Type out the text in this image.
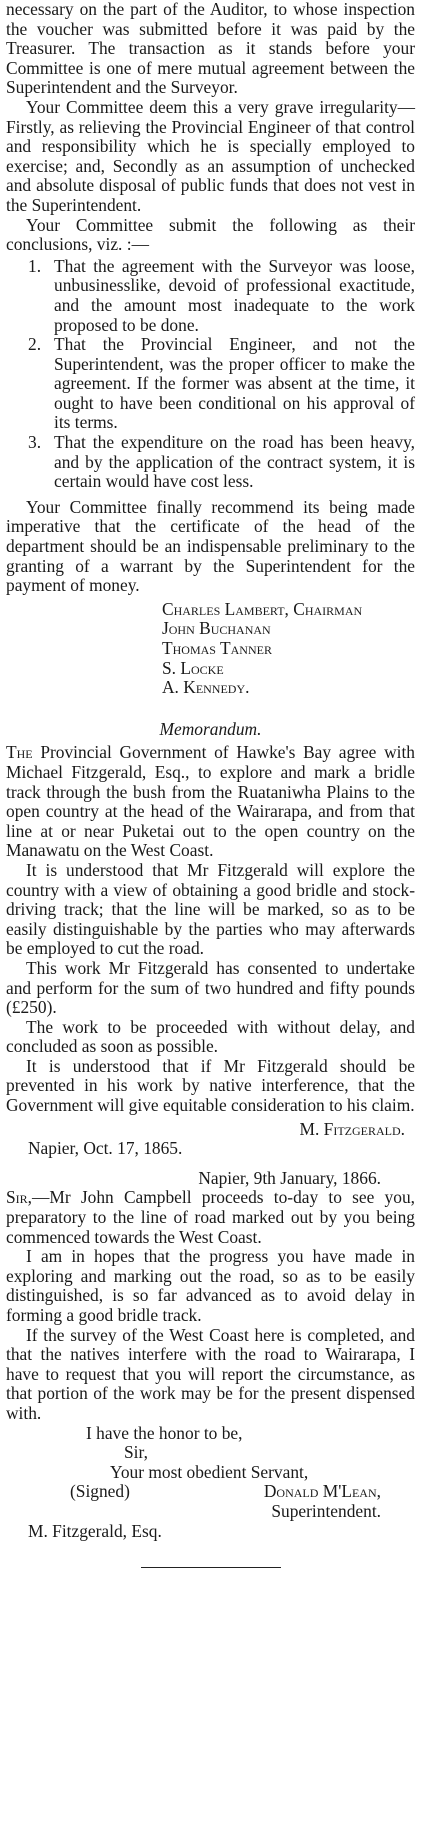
necessary on the part of the Auditor, to whose inspection the voucher was submitted before it was paid by the Treasurer. The transaction as it stands before your Committee is one of mere mutual agreement between the Superintendent and the Surveyor.

Your Committee deem this a very grave irregularity—Firstly, as relieving the Provincial Engineer of that control and responsibility which he is specially employed to exercise; and, Secondly as an assumption of unchecked and absolute disposal of public funds that does not vest in the Superintendent.

Your Committee submit the following as their conclusions, viz. :—

1. That the agreement with the Surveyor was loose, unbusinesslike, devoid of professional exactitude, and the amount most inadequate to the work proposed to be done.
2. That the Provincial Engineer, and not the Superintendent, was the proper officer to make the agreement. If the former was absent at the time, it ought to have been conditional on his approval of its terms.
3. That the expenditure on the road has been heavy, and by the application of the contract system, it is certain would have cost less.

Your Committee finally recommend its being made imperative that the certificate of the head of the department should be an indispensable preliminary to the granting of a warrant by the Superintendent for the payment of money.

Charles Lambert, Chairman
John Buchanan
Thomas Tanner
S. Locke
A. Kennedy.
Memorandum.

The Provincial Government of Hawke's Bay agree with Michael Fitzgerald, Esq., to explore and mark a bridle track through the bush from the Ruataniwha Plains to the open country at the head of the Wairarapa, and from that line at or near Puketai out to the open country on the Manawatu on the West Coast.

It is understood that Mr Fitzgerald will explore the country with a view of obtaining a good bridle and stock-driving track; that the line will be marked, so as to be easily distinguishable by the parties who may afterwards be employed to cut the road.

This work Mr Fitzgerald has consented to undertake and perform for the sum of two hundred and fifty pounds (£250).

The work to be proceeded with without delay, and concluded as soon as possible.

It is understood that if Mr Fitzgerald should be prevented in his work by native interference, that the Government will give equitable consideration to his claim.

M. Fitzgerald.
Napier, Oct. 17, 1865.
Napier, 9th January, 1866.

Sir,—Mr John Campbell proceeds to-day to see you, preparatory to the line of road marked out by you being commenced towards the West Coast.

I am in hopes that the progress you have made in exploring and marking out the road, so as to be easily distinguished, is so far advanced as to avoid delay in forming a good bridle track.

If the survey of the West Coast here is completed, and that the natives interfere with the road to Wairarapa, I have to request that you will report the circumstance, as that portion of the work may be for the present dispensed with.

I have the honor to be,
Sir,
Your most obedient Servant,
(Signed)	Donald M'Lean,
Superintendent.
M. Fitzgerald, Esq.
